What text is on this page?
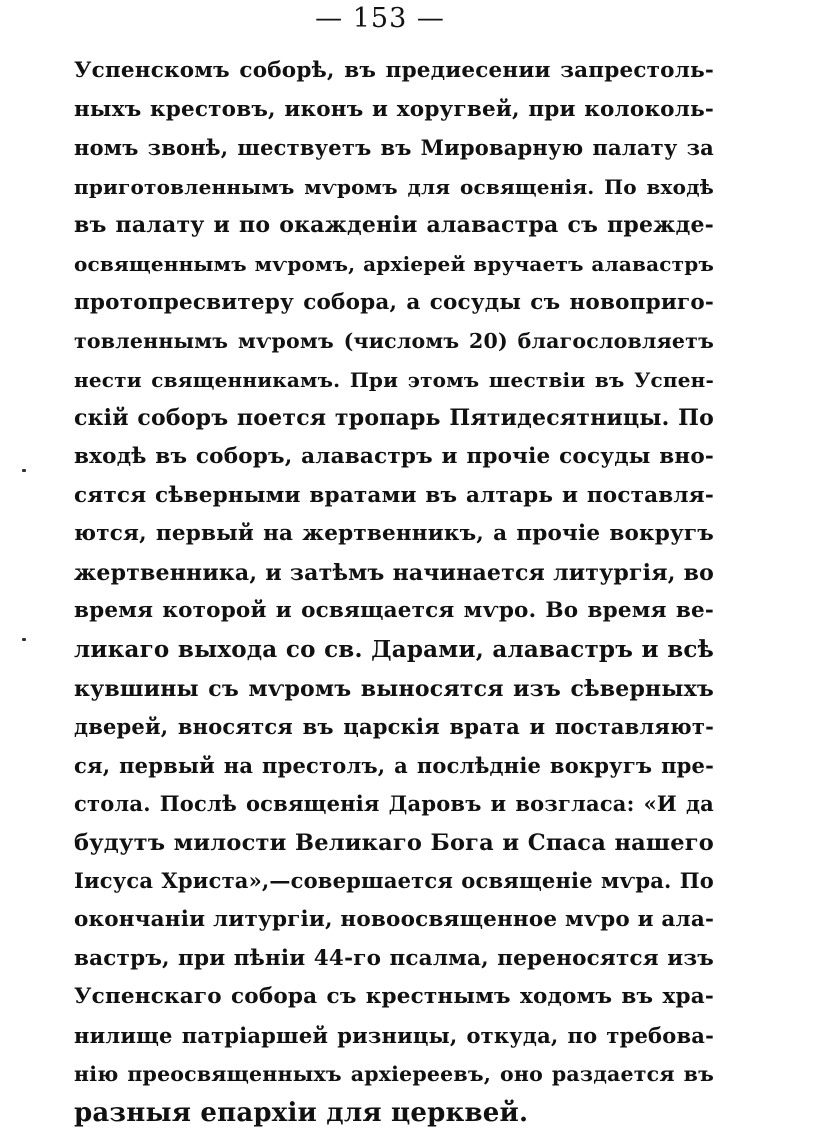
— 153 —
Успенскомъ соборѣ, въ предиесении запрестоль-
ныхъ крестовъ, иконъ и хоругвей, при колоколь-
номъ звонѣ, шествуетъ въ Мироварную палату за
приготовленнымъ мѵромъ для освященія. По входѣ
въ палату и по окажденіи алавастра съ прежде-
освященнымъ мѵромъ, архіерей вручаетъ алавастръ
протопресвитеру собора, а сосуды съ новоприго-
товленнымъ мѵромъ (числомъ 20) благословляетъ
нести священникамъ. При этомъ шествіи въ Успен-
скій соборъ поется тропарь Пятидесятницы. По
входѣ въ соборъ, алавастръ и прочіе сосуды вно-
сятся сѣверными вратами въ алтарь и поставля-
ются, первый на жертвенникъ, а прочіе вокругъ
жертвенника, и затѣмъ начинается литургія, во
время которой и освящается мѵро. Во время ве-
ликаго выхода со св. Дарами, алавастръ и всѣ
кувшины съ мѵромъ выносятся изъ сѣверныхъ
дверей, вносятся въ царскія врата и поставляют-
ся, первый на престолъ, а послѣдніе вокругъ пре-
стола. Послѣ освященія Даровъ и возгласа: «И да
будутъ милости Великаго Бога и Спаса нашего
Іисуса Христа»,—совершается освященіе мѵра. По
окончаніи литургіи, новоосвященное мѵро и ала-
вастръ, при пѣніи 44-го псалма, переносятся изъ
Успенскаго собора съ крестнымъ ходомъ въ хра-
нилище патріаршей ризницы, откуда, по требова-
нію преосвященныхъ архіереевъ, оно раздается въ
разныя епархіи для церквей.
